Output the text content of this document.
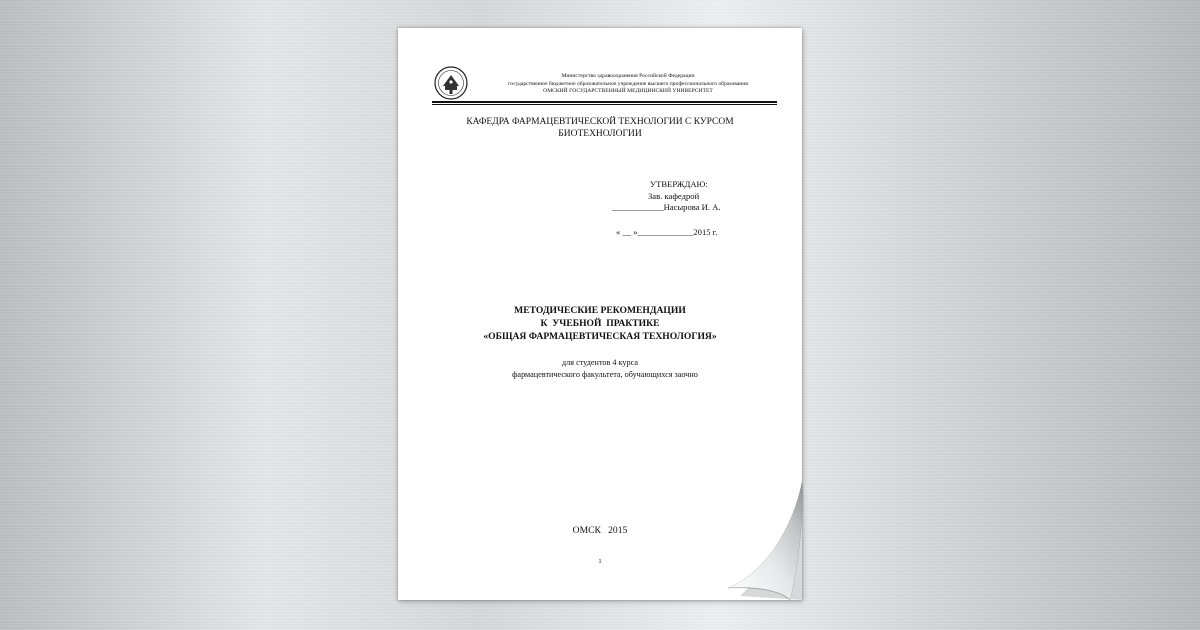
Министерство здравоохранения Российской Федерации
государственное бюджетное образовательное учреждение высшего профессионального образования
ОМСКИЙ ГОСУДАРСТВЕННЫЙ МЕДИЦИНСКИЙ УНИВЕРСИТЕТ
КАФЕДРА ФАРМАЦЕВТИЧЕСКОЙ ТЕХНОЛОГИИ С КУРСОМ
БИОТЕХНОЛОГИИ
УТВЕРЖДАЮ:
Зав. кафедрой
____________Насырова И. А.
« __ »_____________2015 г.
МЕТОДИЧЕСКИЕ РЕКОМЕНДАЦИИ
К  УЧЕБНОЙ  ПРАКТИКЕ
«ОБЩАЯ ФАРМАЦЕВТИЧЕСКАЯ ТЕХНОЛОГИЯ»
для студентов 4 курса
фармацевтического факультета, обучающихся заочно
ОМСК   2015
1
